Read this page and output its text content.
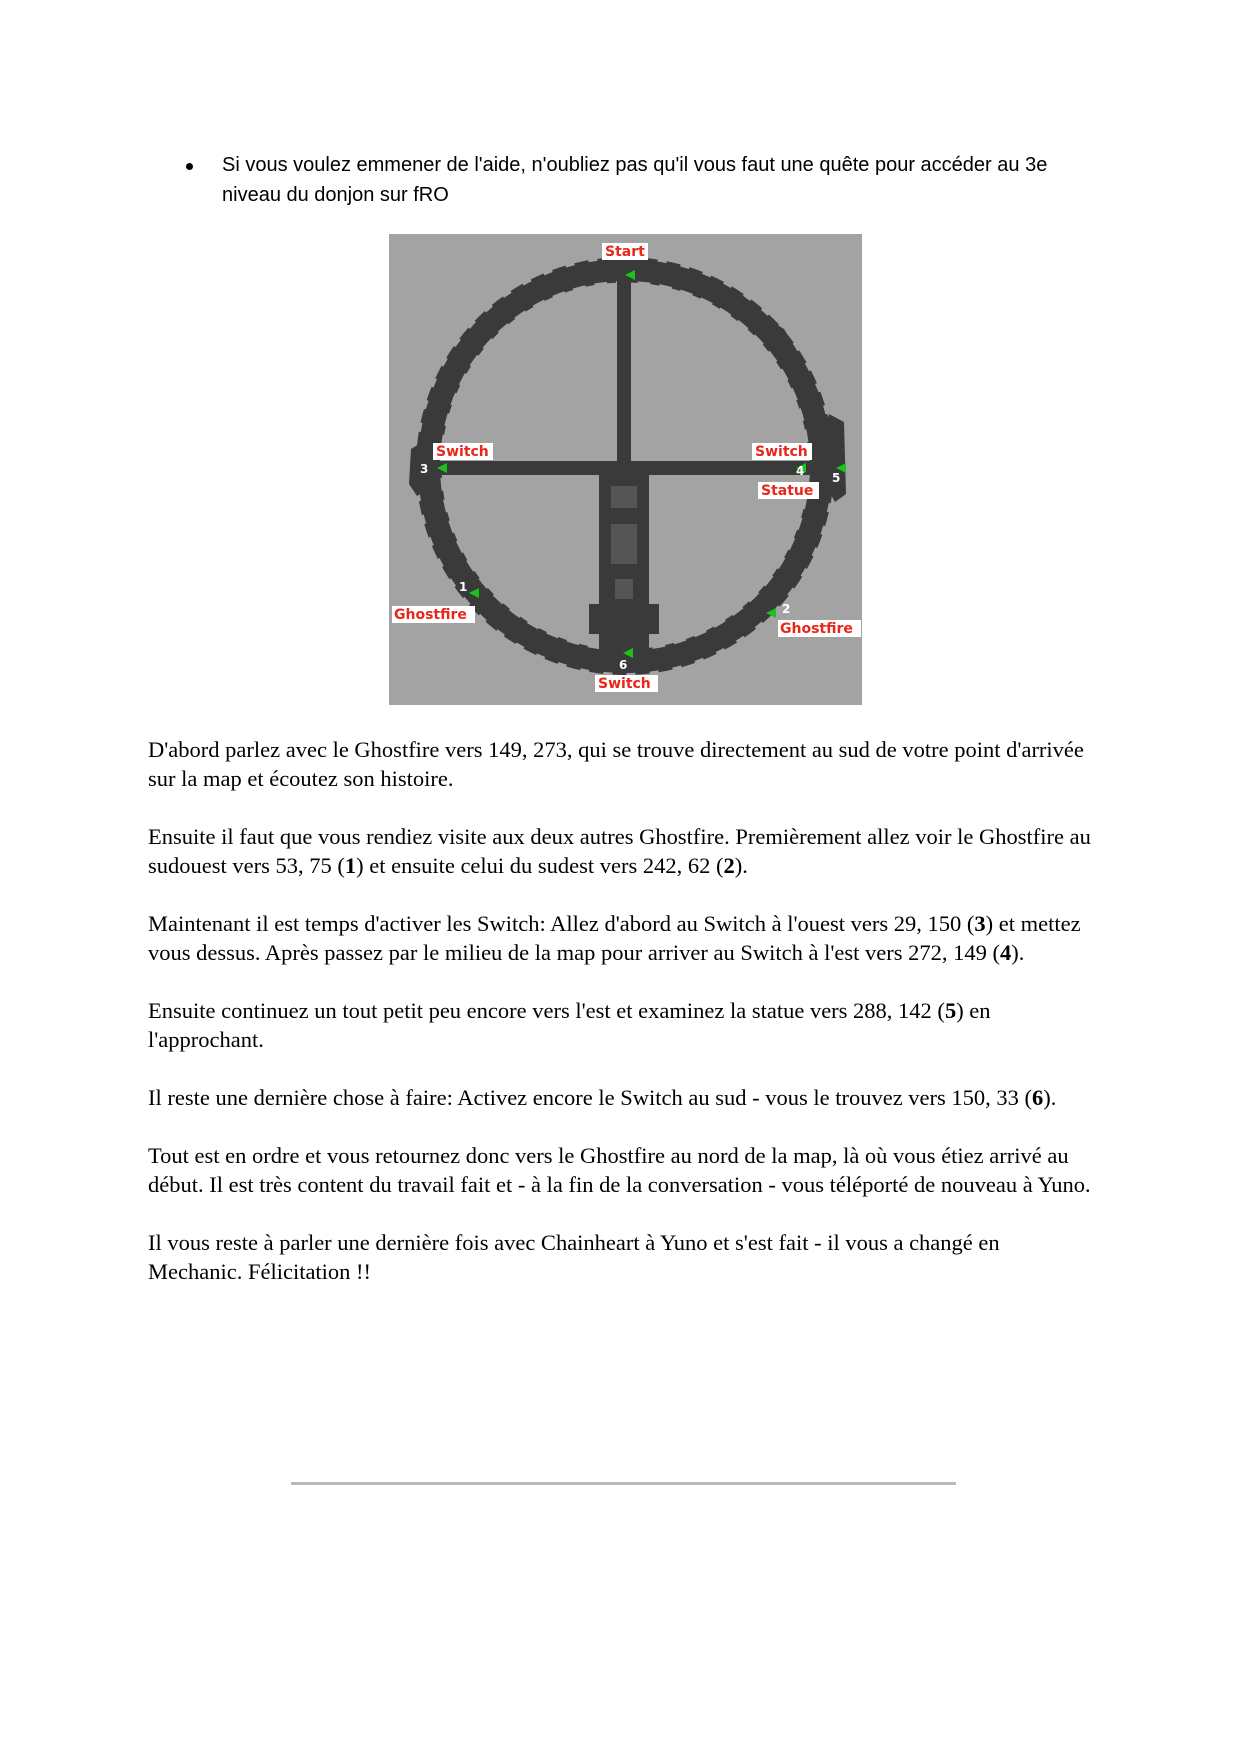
Si vous voulez emmener de l'aide, n'oubliez pas qu'il vous faut une quête pour accéder au 3e niveau du donjon sur fRO
1
2
3	4 5
6
Start
Switch	Switch
Statue
Ghostfire
Ghostfire
Switch

D'abord parlez avec le Ghostfire vers 149, 273, qui se trouve directement au sud de votre point d'arrivée sur la map et écoutez son histoire.

Ensuite il faut que vous rendiez visite aux deux autres Ghostfire. Premièrement allez voir le Ghostfire au sudouest vers 53, 75 (1) et ensuite celui du sudest vers 242, 62 (2).

Maintenant il est temps d'activer les Switch: Allez d'abord au Switch à l'ouest vers 29, 150 (3) et mettez vous dessus. Après passez par le milieu de la map pour arriver au Switch à l'est vers 272, 149 (4).

Ensuite continuez un tout petit peu encore vers l'est et examinez la statue vers 288, 142 (5) en l'approchant.

Il reste une dernière chose à faire: Activez encore le Switch au sud - vous le trouvez vers 150, 33 (6).

Tout est en ordre et vous retournez donc vers le Ghostfire au nord de la map, là où vous étiez arrivé au début. Il est très content du travail fait et - à la fin de la conversation - vous téléporté de nouveau à Yuno.

Il vous reste à parler une dernière fois avec Chainheart à Yuno et s'est fait - il vous a changé en Mechanic. Félicitation !!
